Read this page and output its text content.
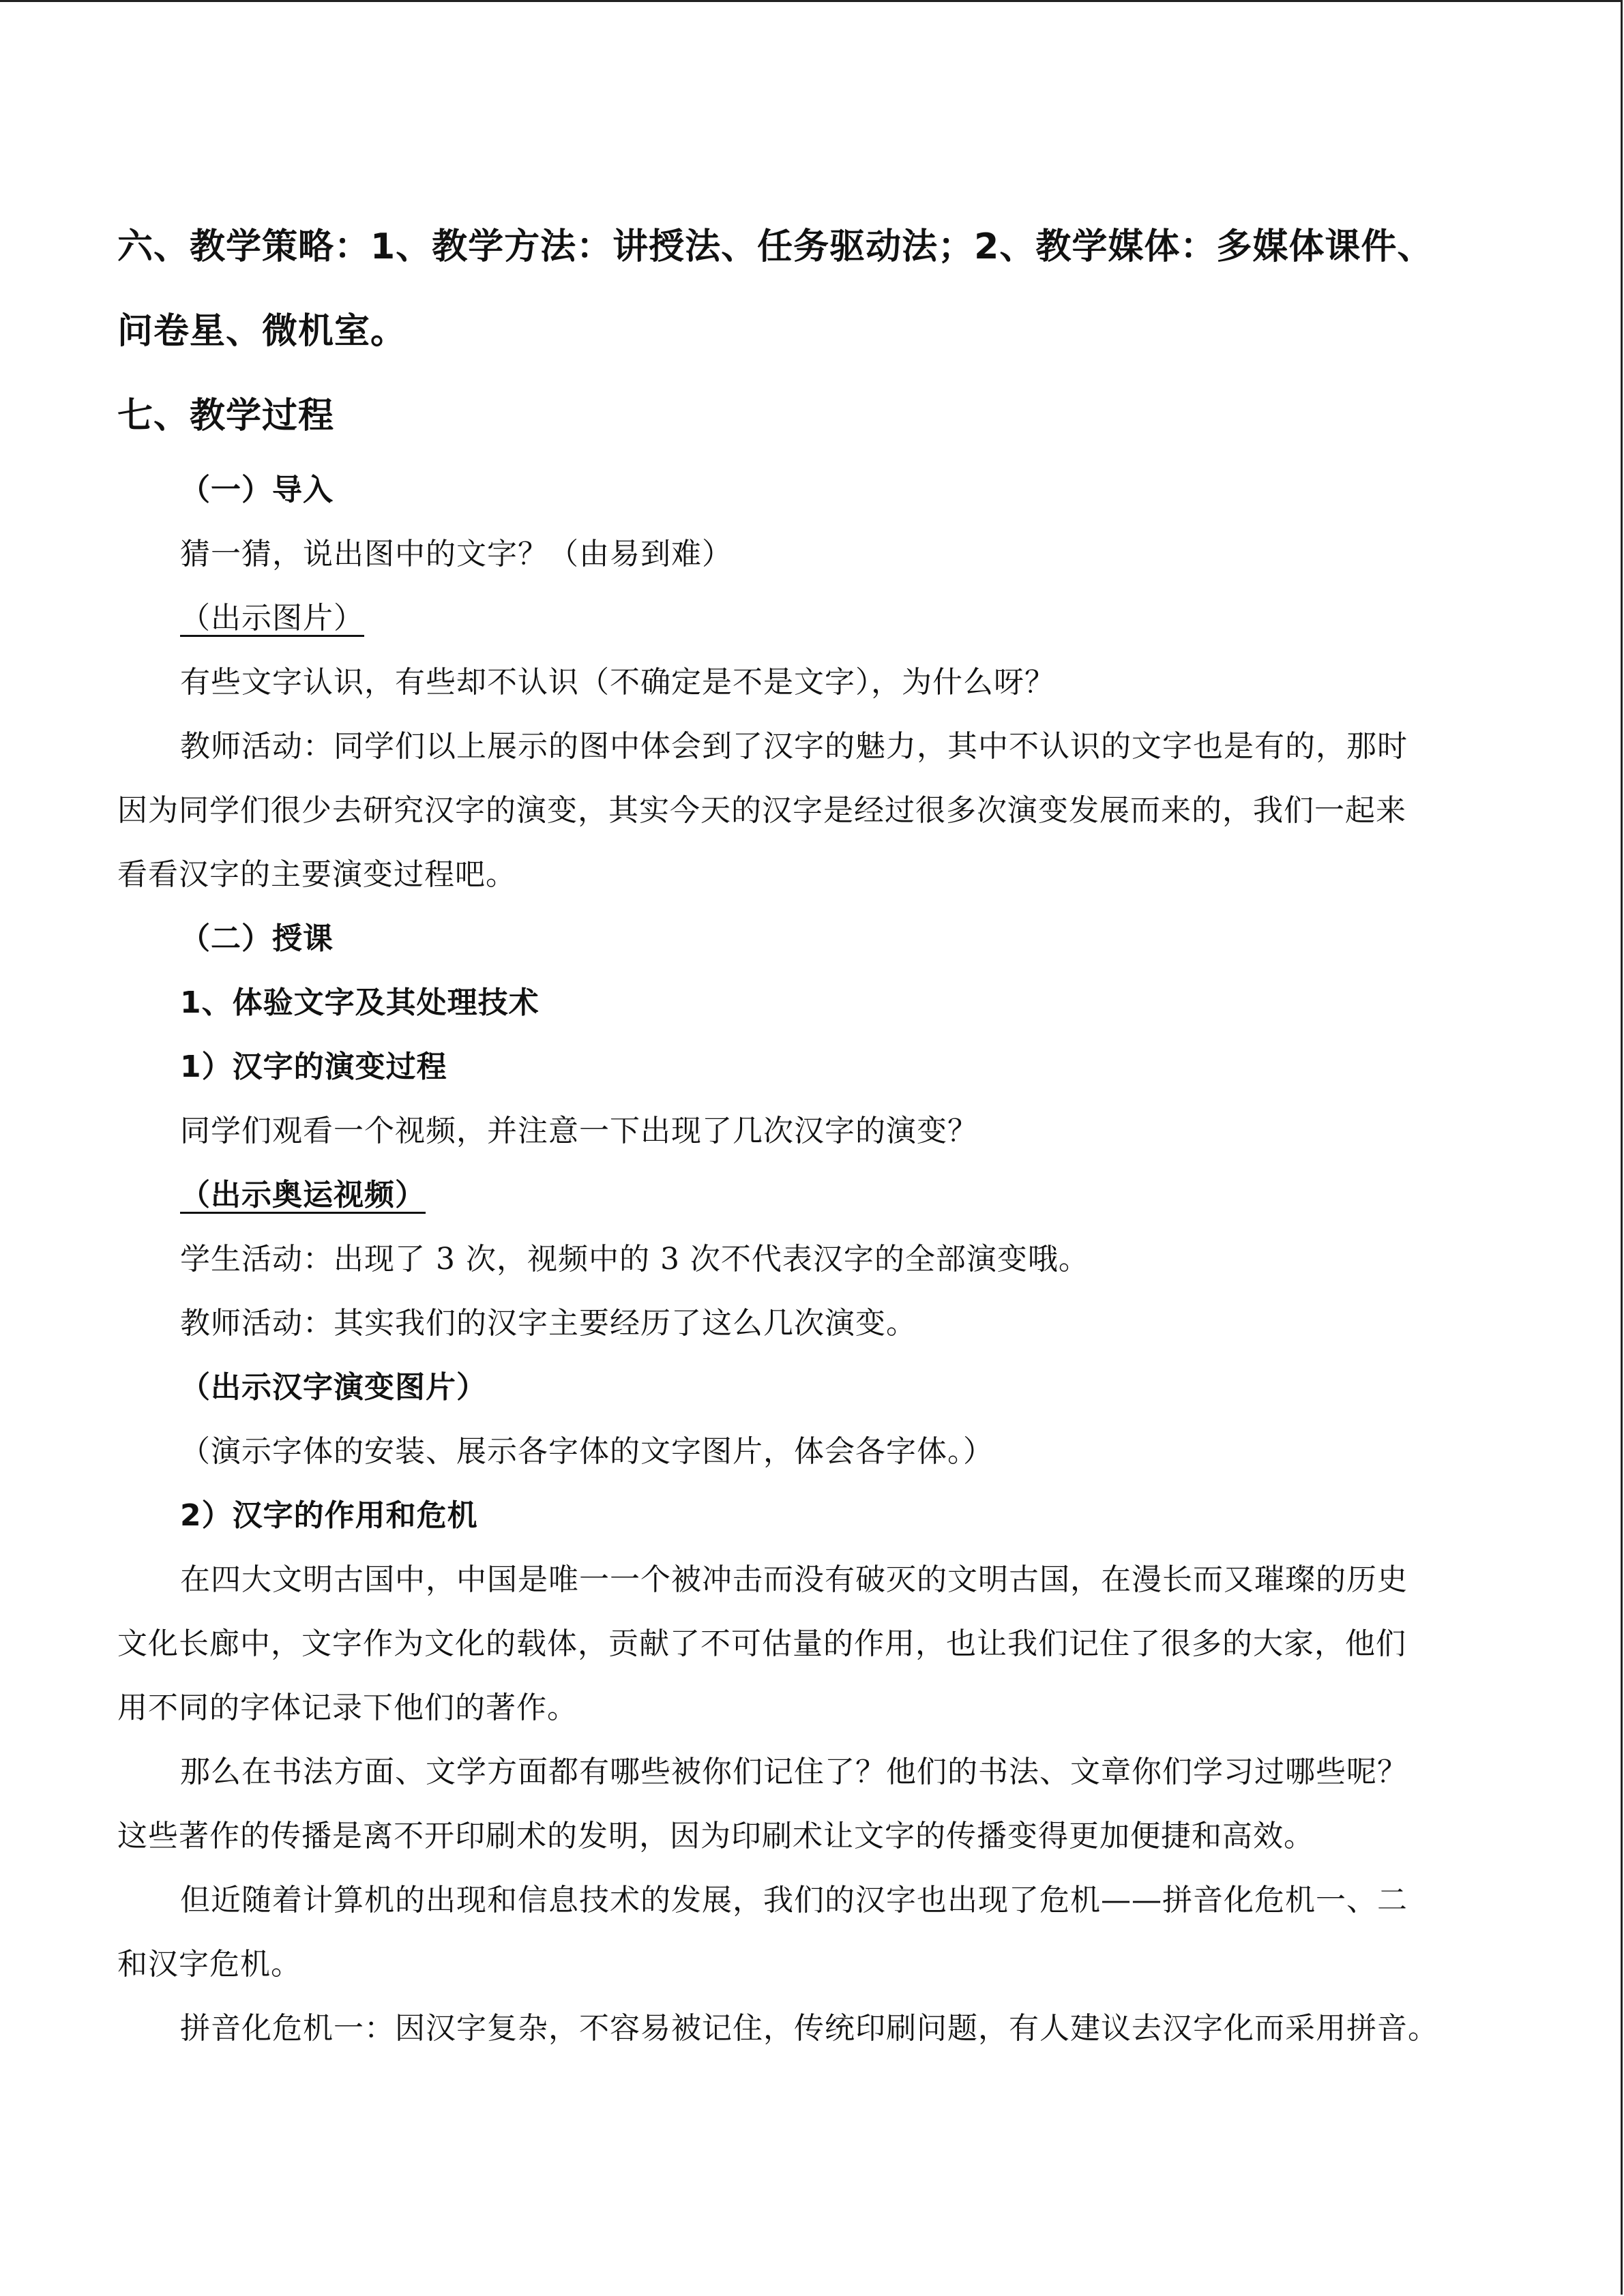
六、教学策略：1、教学方法：讲授法、任务驱动法；2、教学媒体：多媒体课件、
问卷星、微机室。
七、教学过程
（一）导入
猜一猜，说出图中的文字？（由易到难）
（出示图片）
有些文字认识，有些却不认识（不确定是不是文字），为什么呀？
教师活动：同学们以上展示的图中体会到了汉字的魅力，其中不认识的文字也是有的，那时
因为同学们很少去研究汉字的演变，其实今天的汉字是经过很多次演变发展而来的，我们一起来
看看汉字的主要演变过程吧。
（二）授课
1、体验文字及其处理技术
1）汉字的演变过程
同学们观看一个视频，并注意一下出现了几次汉字的演变？
（出示奥运视频）
学生活动：出现了 3 次，视频中的 3 次不代表汉字的全部演变哦。
教师活动：其实我们的汉字主要经历了这么几次演变。
（出示汉字演变图片）
（演示字体的安装、展示各字体的文字图片，体会各字体。）
2）汉字的作用和危机
在四大文明古国中，中国是唯一一个被冲击而没有破灭的文明古国，在漫长而又璀璨的历史
文化长廊中，文字作为文化的载体，贡献了不可估量的作用，也让我们记住了很多的大家，他们
用不同的字体记录下他们的著作。
那么在书法方面、文学方面都有哪些被你们记住了？他们的书法、文章你们学习过哪些呢？
这些著作的传播是离不开印刷术的发明，因为印刷术让文字的传播变得更加便捷和高效。
但近随着计算机的出现和信息技术的发展，我们的汉字也出现了危机——拼音化危机一、二
和汉字危机。
拼音化危机一：因汉字复杂，不容易被记住，传统印刷问题，有人建议去汉字化而采用拼音。
